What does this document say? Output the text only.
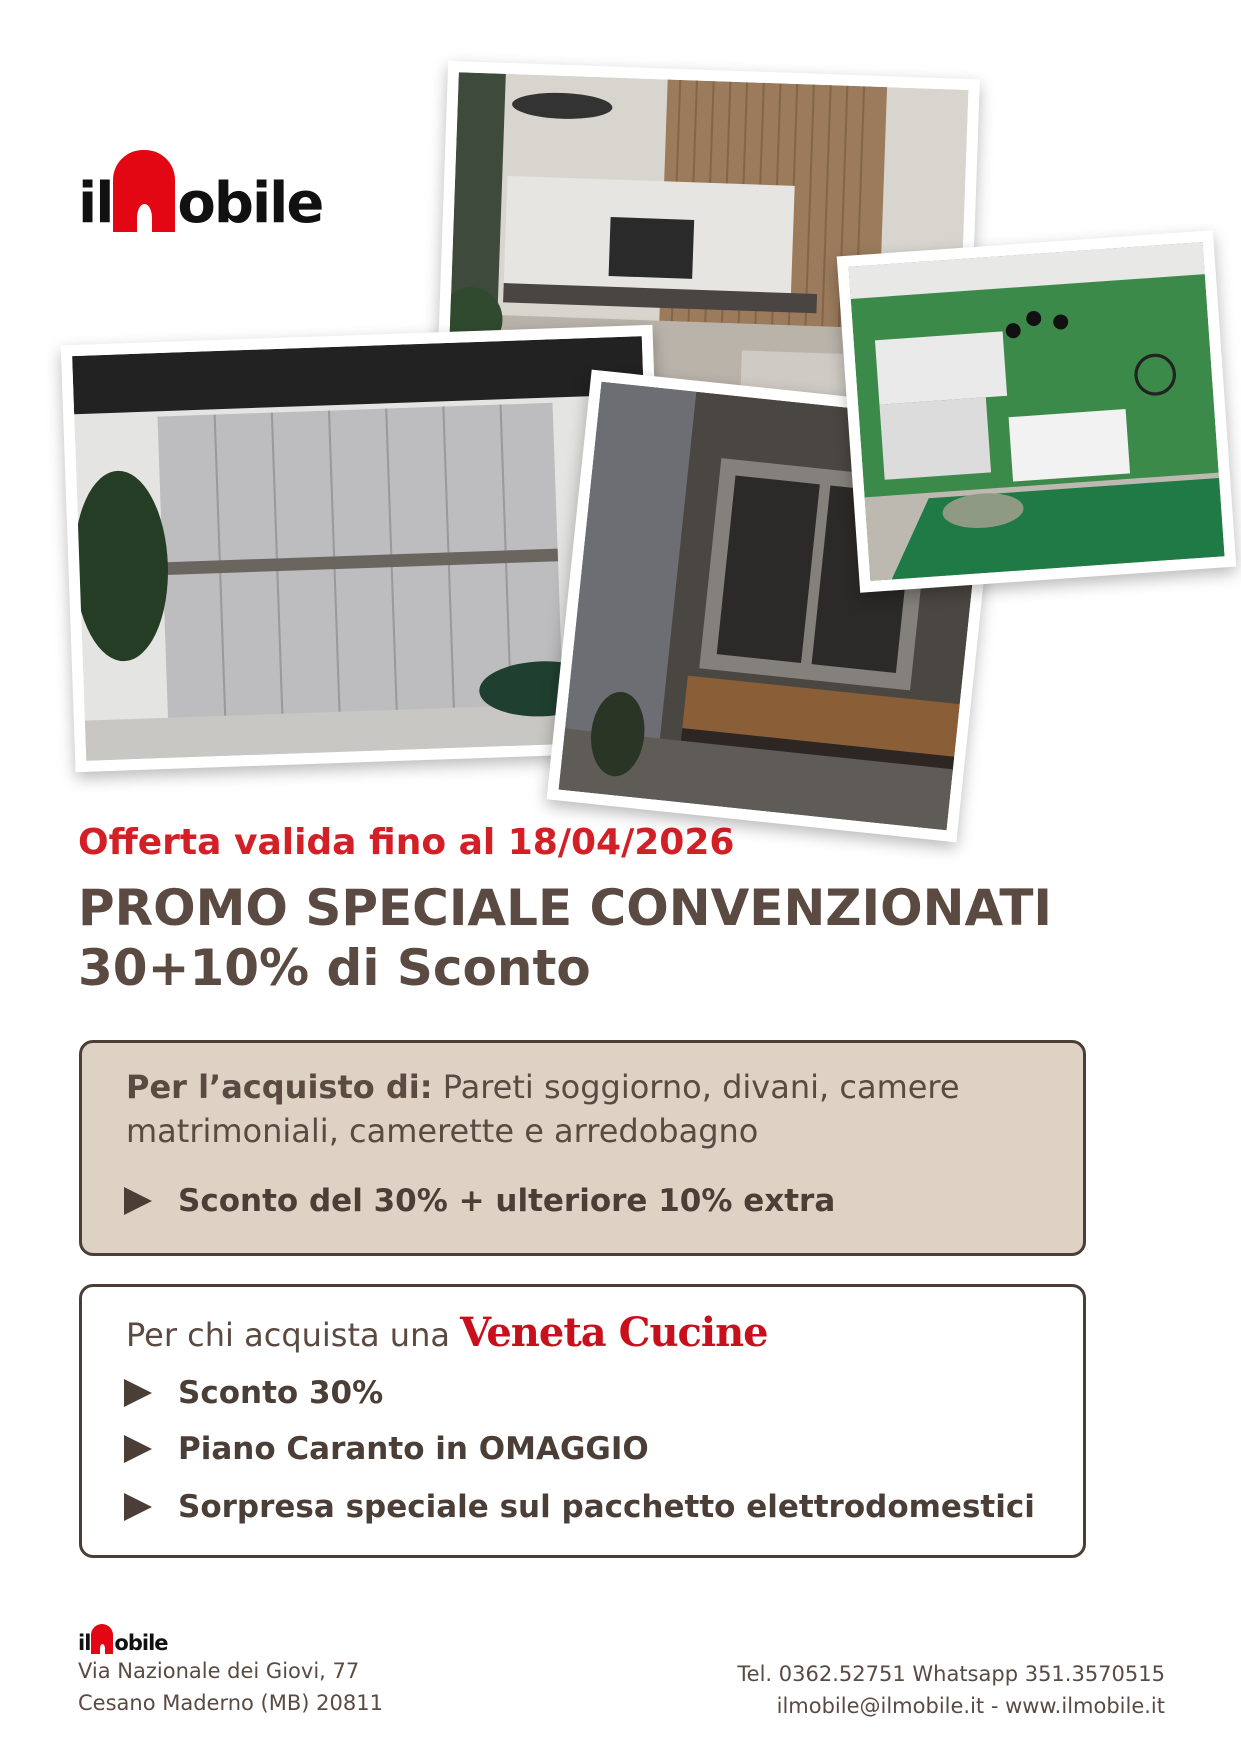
il obile

Offerta valida fino al 18/04/2026

PROMO SPECIALE CONVENZIONATI
30+10% di Sconto
Per l’acquisto di: Pareti soggiorno, divani, camere
matrimoniali, camerette e arredobagno
Sconto del 30% + ulteriore 10% extra
Per chi acquista una Veneta Cucine
Sconto 30%
Piano Caranto in OMAGGIO
Sorpresa speciale sul pacchetto elettrodomestici
il obile
Via Nazionale dei Giovi, 77
Cesano Maderno (MB) 20811
Tel. 0362.52751 Whatsapp 351.3570515
ilmobile@ilmobile.it - www.ilmobile.it
